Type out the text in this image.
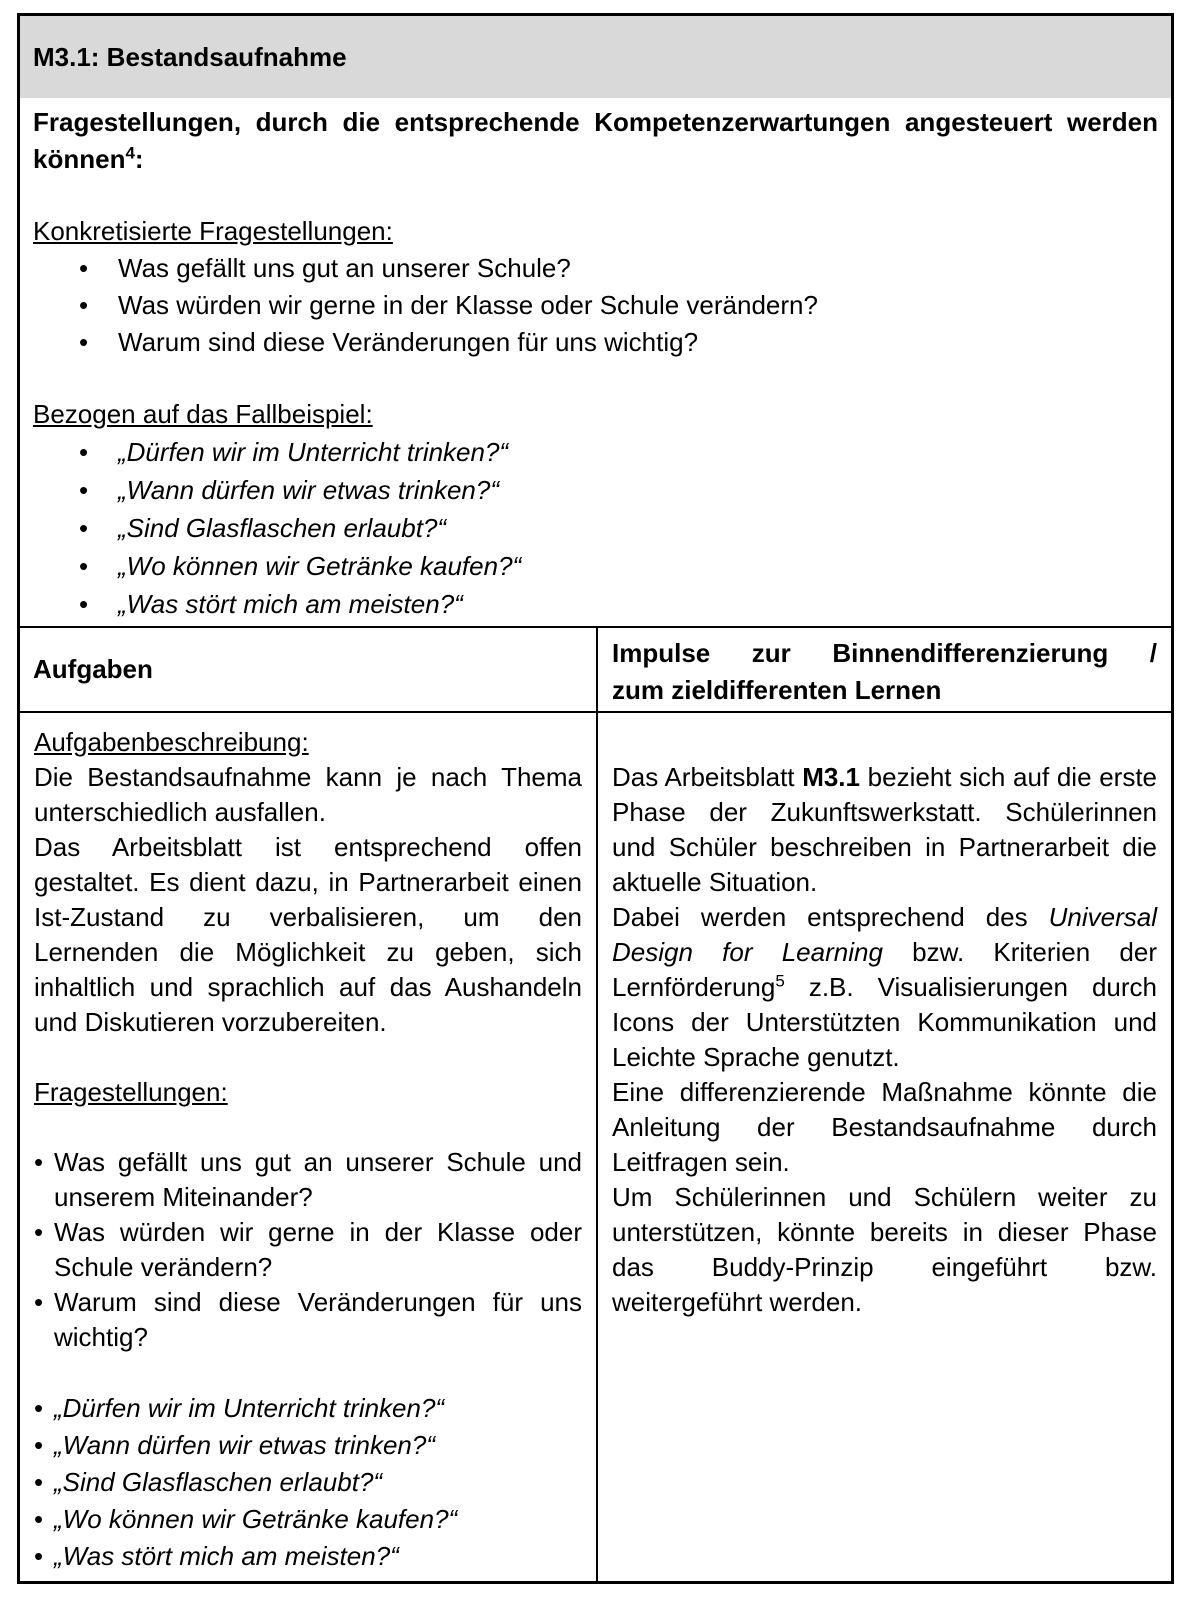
M3.1: Bestandsaufnahme

Fragestellungen, durch die entsprechende Kompetenzerwartungen angesteuert werden können$^4$:

Konkretisierte Fragestellungen:

• Was gefällt uns gut an unserer Schule?
• Was würden wir gerne in der Klasse oder Schule verändern?
• Warum sind diese Veränderungen für uns wichtig?

Bezogen auf das Fallbeispiel:

• „Dürfen wir im Unterricht trinken?“
• „Wann dürfen wir etwas trinken?“
• „Sind Glasflaschen erlaubt?“
• „Wo können wir Getränke kaufen?“
• „Was stört mich am meisten?“
Aufgaben
Impulse zur Binnendifferenzierung /
zum zieldifferenten Lernen

Aufgabenbeschreibung:

Die Bestandsaufnahme kann je nach Thema unterschiedlich ausfallen.

Das Arbeitsblatt ist entsprechend offen gestaltet. Es dient dazu, in Partnerarbeit einen Ist-Zustand zu verbalisieren, um den Lernenden die Möglichkeit zu geben, sich inhaltlich und sprachlich auf das Aushandeln und Diskutieren vorzubereiten.

Fragestellungen:

• Was gefällt uns gut an unserer Schule und unserem Miteinander?
• Was würden wir gerne in der Klasse oder Schule verändern?
• Warum sind diese Veränderungen für uns wichtig?
• „Dürfen wir im Unterricht trinken?“
• „Wann dürfen wir etwas trinken?“
• „Sind Glasflaschen erlaubt?“
• „Wo können wir Getränke kaufen?“
• „Was stört mich am meisten?“

Das Arbeitsblatt M3.1 bezieht sich auf die erste Phase der Zukunftswerkstatt. Schülerinnen und Schüler beschreiben in Partnerarbeit die aktuelle Situation.

Dabei werden entsprechend des Universal Design for Learning bzw. Kriterien der Lernförderung$^5$ z.B. Visualisierungen durch Icons der Unterstützten Kommunikation und Leichte Sprache genutzt.

Eine differenzierende Maßnahme könnte die Anleitung der Bestandsaufnahme durch Leitfragen sein.

Um Schülerinnen und Schülern weiter zu unterstützen, könnte bereits in dieser Phase das Buddy-Prinzip eingeführt bzw. weitergeführt werden.
